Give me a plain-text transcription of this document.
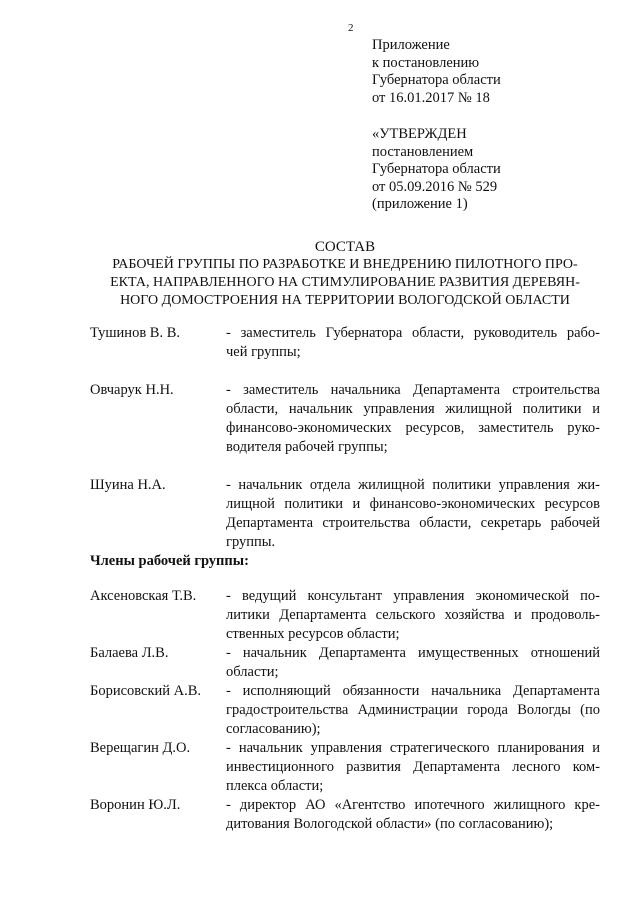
2
Приложение
к постановлению
Губернатора области
от 16.01.2017 № 18
«УТВЕРЖДЕН
постановлением
Губернатора области
от 05.09.2016 № 529
(приложение 1)
СОСТАВ
РАБОЧЕЙ ГРУППЫ ПО РАЗРАБОТКЕ И ВНЕДРЕНИЮ ПИЛОТНОГО ПРО-
ЕКТА, НАПРАВЛЕННОГО НА СТИМУЛИРОВАНИЕ РАЗВИТИЯ ДЕРЕВЯН-
НОГО ДОМОСТРОЕНИЯ НА ТЕРРИТОРИИ ВОЛОГОДСКОЙ ОБЛАСТИ
Тушинов В. В.	- заместитель Губернатора области, руководитель рабо-
чей группы;
Овчарук Н.Н.	- заместитель начальника Департамента строительства
области, начальник управления жилищной политики и
финансово-экономических ресурсов, заместитель руко-
водителя рабочей группы;
Шуина Н.А.	- начальник отдела жилищной политики управления жи-
лищной политики и финансово-экономических ресурсов
Департамента строительства области, секретарь рабочей
группы.
Члены рабочей группы:
Аксеновская Т.В.	- ведущий консультант управления экономической по-
литики Департамента сельского хозяйства и продоволь-
ственных ресурсов области;
Балаева Л.В.	- начальник Департамента имущественных отношений
области;
Борисовский А.В.	- исполняющий обязанности начальника Департамента
градостроительства Администрации города Вологды (по
согласованию);
Верещагин Д.О.	- начальник управления стратегического планирования и
инвестиционного развития Департамента лесного ком-
плекса области;
Воронин Ю.Л.	- директор АО «Агентство ипотечного жилищного кре-
дитования Вологодской области» (по согласованию);
